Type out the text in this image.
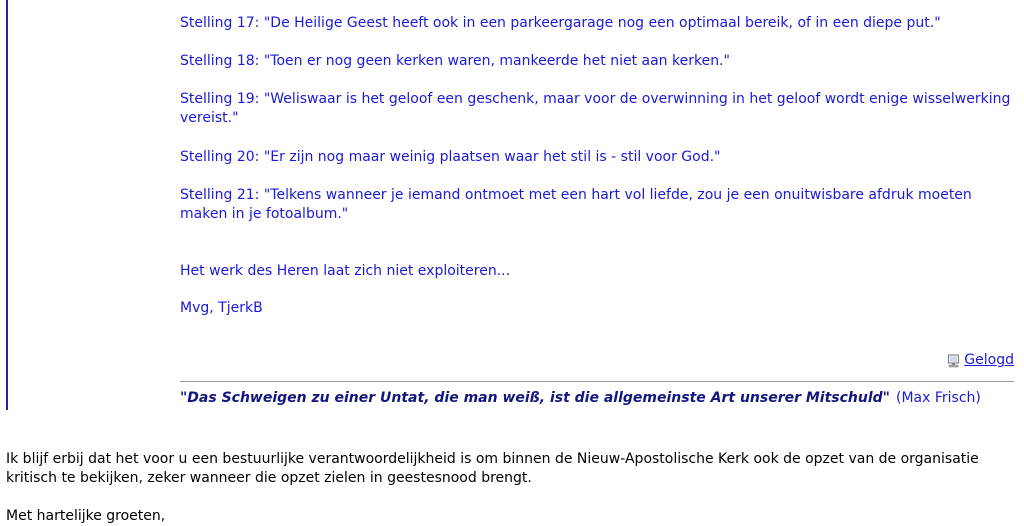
Stelling 17: "De Heilige Geest heeft ook in een parkeergarage nog een optimaal bereik, of in een diepe put."

Stelling 18: "Toen er nog geen kerken waren, mankeerde het niet aan kerken."

Stelling 19: "Weliswaar is het geloof een geschenk, maar voor de overwinning in het geloof wordt enige wisselwerking vereist."

Stelling 20: "Er zijn nog maar weinig plaatsen waar het stil is - stil voor God."

Stelling 21: "Telkens wanneer je iemand ontmoet met een hart vol liefde, zou je een onuitwisbare afdruk moeten maken in je fotoalbum."

Het werk des Heren laat zich niet exploiteren...

Mvg, TjerkB

Gelogd
"Das Schweigen zu einer Untat, die man weiß, ist die allgemeinste Art unserer Mitschuld" (Max Frisch)

Ik blijf erbij dat het voor u een bestuurlijke verantwoordelijkheid is om binnen de Nieuw-Apostolische Kerk ook de opzet van de organisatie kritisch te bekijken, zeker wanneer die opzet zielen in geestesnood brengt.

Met hartelijke groeten,
